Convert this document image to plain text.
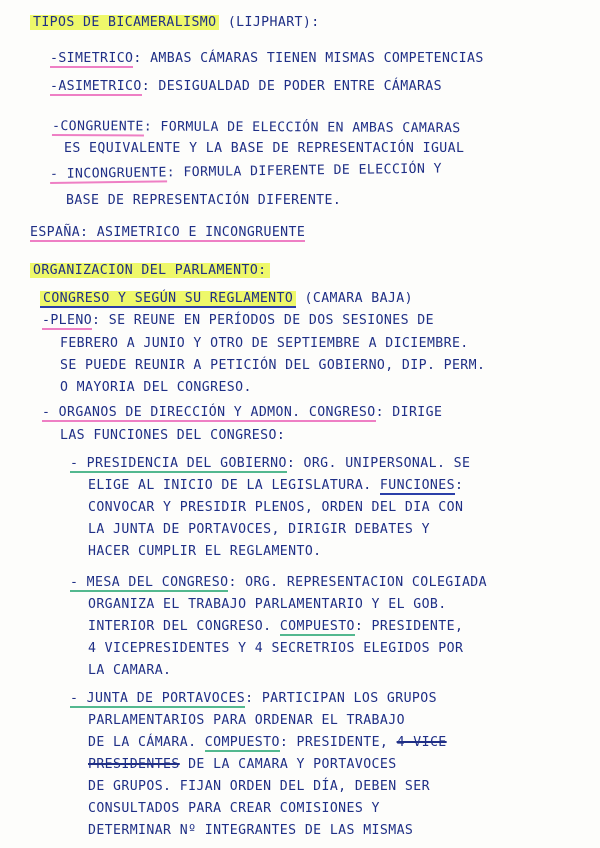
TIPOS DE BICAMERALISMO (LIJPHART):
-SIMETRICO: AMBAS CÁMARAS TIENEN MISMAS COMPETENCIAS
-ASIMETRICO: DESIGUALDAD DE PODER ENTRE CÁMARAS
-CONGRUENTE: FORMULA DE ELECCIÓN EN AMBAS CAMARAS
ES EQUIVALENTE Y LA BASE DE REPRESENTACIÓN IGUAL
- INCONGRUENTE: FORMULA DIFERENTE DE ELECCIÓN Y
BASE DE REPRESENTACIÓN DIFERENTE.
ESPAÑA: ASIMETRICO E INCONGRUENTE
ORGANIZACION DEL PARLAMENTO:
CONGRESO Y SEGÚN SU REGLAMENTO (CAMARA BAJA)
-PLENO: SE REUNE EN PERÍODOS DE DOS SESIONES DE
FEBRERO A JUNIO Y OTRO DE SEPTIEMBRE A DICIEMBRE.
SE PUEDE REUNIR A PETICIÓN DEL GOBIERNO, DIP. PERM.
O MAYORIA DEL CONGRESO.
- ORGANOS DE DIRECCIÓN Y ADMON. CONGRESO: DIRIGE
LAS FUNCIONES DEL CONGRESO:
- PRESIDENCIA DEL GOBIERNO: ORG. UNIPERSONAL. SE
ELIGE AL INICIO DE LA LEGISLATURA. FUNCIONES:
CONVOCAR Y PRESIDIR PLENOS, ORDEN DEL DIA CON
LA JUNTA DE PORTAVOCES, DIRIGIR DEBATES Y
HACER CUMPLIR EL REGLAMENTO.
- MESA DEL CONGRESO: ORG. REPRESENTACION COLEGIADA
ORGANIZA EL TRABAJO PARLAMENTARIO Y EL GOB.
INTERIOR DEL CONGRESO. COMPUESTO: PRESIDENTE,
4 VICEPRESIDENTES Y 4 SECRETRIOS ELEGIDOS POR
LA CAMARA.
- JUNTA DE PORTAVOCES: PARTICIPAN LOS GRUPOS
PARLAMENTARIOS PARA ORDENAR EL TRABAJO
DE LA CÁMARA. COMPUESTO: PRESIDENTE, 4 VICE
PRESIDENTES DE LA CAMARA Y PORTAVOCES
DE GRUPOS. FIJAN ORDEN DEL DÍA, DEBEN SER
CONSULTADOS PARA CREAR COMISIONES Y
DETERMINAR Nº INTEGRANTES DE LAS MISMAS
